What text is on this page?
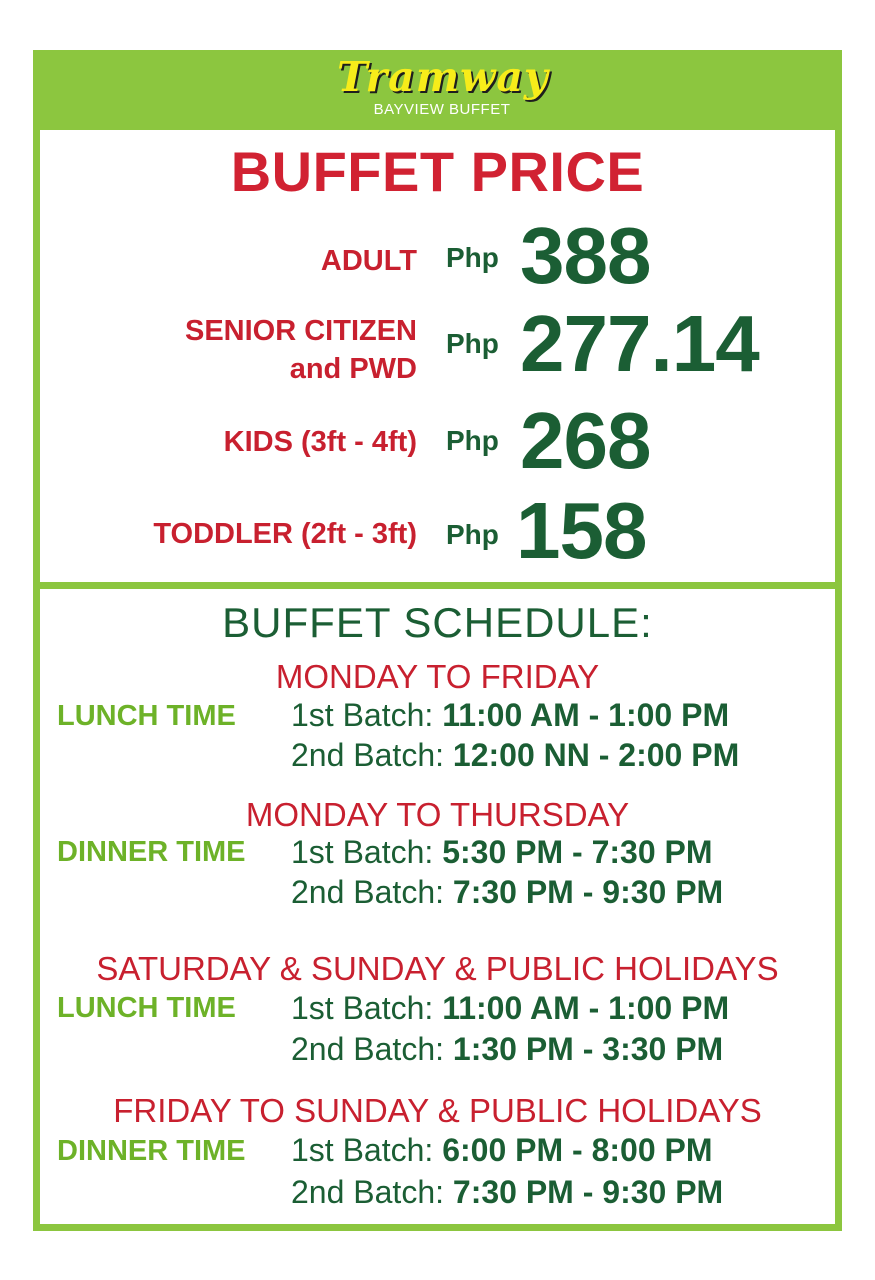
Tramway
BAYVIEW BUFFET
BUFFET PRICE
ADULT Php 388
SENIOR CITIZEN
and PWD
Php 277.14
KIDS (3ft - 4ft) Php 268
TODDLER (2ft - 3ft) Php 158
BUFFET SCHEDULE:
MONDAY TO FRIDAY
LUNCH TIME 1st Batch: 11:00 AM - 1:00 PM
2nd Batch: 12:00 NN - 2:00 PM
MONDAY TO THURSDAY
DINNER TIME 1st Batch: 5:30 PM - 7:30 PM
2nd Batch: 7:30 PM - 9:30 PM
SATURDAY & SUNDAY & PUBLIC HOLIDAYS
LUNCH TIME 1st Batch: 11:00 AM - 1:00 PM
2nd Batch: 1:30 PM - 3:30 PM
FRIDAY TO SUNDAY & PUBLIC HOLIDAYS
DINNER TIME 1st Batch: 6:00 PM - 8:00 PM
2nd Batch: 7:30 PM - 9:30 PM
